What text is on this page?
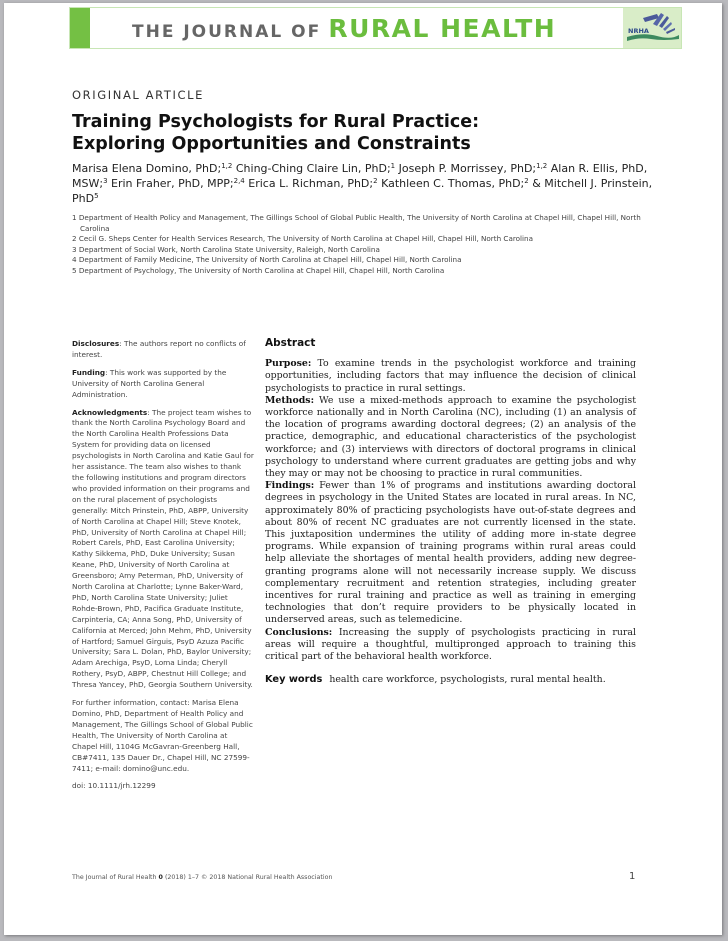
THE JOURNAL OF RURAL HEALTH	NRHA
ORIGINAL ARTICLE
Training Psychologists for Rural Practice: Exploring Opportunities and Constraints
Marisa Elena Domino, PhD;$^{1,2}$ Ching-Ching Claire Lin, PhD;$^1$ Joseph P. Morrissey, PhD;$^{1,2}$ Alan R. Ellis, PhD, MSW;$^3$ Erin Fraher, PhD, MPP;$^{2,4}$ Erica L. Richman, PhD;$^2$ Kathleen C. Thomas, PhD;$^2$ & Mitchell J. Prinstein, PhD$^5$
1 Department of Health Policy and Management, The Gillings School of Global Public Health, The University of North Carolina at Chapel Hill, Chapel Hill, North Carolina
2 Cecil G. Sheps Center for Health Services Research, The University of North Carolina at Chapel Hill, Chapel Hill, North Carolina
3 Department of Social Work, North Carolina State University, Raleigh, North Carolina
4 Department of Family Medicine, The University of North Carolina at Chapel Hill, Chapel Hill, North Carolina
5 Department of Psychology, The University of North Carolina at Chapel Hill, Chapel Hill, North Carolina

Disclosures: The authors report no conflicts of interest.

Funding: This work was supported by the University of North Carolina General Administration.

Acknowledgments: The project team wishes to thank the North Carolina Psychology Board and the North Carolina Health Professions Data System for providing data on licensed psychologists in North Carolina and Katie Gaul for her assistance. The team also wishes to thank the following institutions and program directors who provided information on their programs and on the rural placement of psychologists generally: Mitch Prinstein, PhD, ABPP, University of North Carolina at Chapel Hill; Steve Knotek, PhD, University of North Carolina at Chapel Hill; Robert Carels, PhD, East Carolina University; Kathy Sikkema, PhD, Duke University; Susan Keane, PhD, University of North Carolina at Greensboro; Amy Peterman, PhD, University of North Carolina at Charlotte; Lynne Baker-Ward, PhD, North Carolina State University; Juliet Rohde-Brown, PhD, Pacifica Graduate Institute, Carpinteria, CA; Anna Song, PhD, University of California at Merced; John Mehm, PhD, University of Hartford; Samuel Girguis, PsyD Azuza Pacific University; Sara L. Dolan, PhD, Baylor University; Adam Arechiga, PsyD, Loma Linda; Cheryll Rothery, PsyD, ABPP, Chestnut Hill College; and Thresa Yancey, PhD, Georgia Southern University.

For further information, contact: Marisa Elena Domino, PhD, Department of Health Policy and Management, The Gillings School of Global Public Health, The University of North Carolina at Chapel Hill, 1104G McGavran-Greenberg Hall, CB#7411, 135 Dauer Dr., Chapel Hill, NC 27599-7411; e-mail: domino@unc.edu.

doi: 10.1111/jrh.12299

Abstract

Purpose: To examine trends in the psychologist workforce and training opportunities, including factors that may influence the decision of clinical psychologists to practice in rural settings.

Methods: We use a mixed-methods approach to examine the psychologist workforce nationally and in North Carolina (NC), including (1) an analysis of the location of programs awarding doctoral degrees; (2) an analysis of the practice, demographic, and educational characteristics of the psychologist workforce; and (3) interviews with directors of doctoral programs in clinical psychology to understand where current graduates are getting jobs and why they may or may not be choosing to practice in rural communities.

Findings: Fewer than 1% of programs and institutions awarding doctoral degrees in psychology in the United States are located in rural areas. In NC, approximately 80% of practicing psychologists have out-of-state degrees and about 80% of recent NC graduates are not currently licensed in the state. This juxtaposition undermines the utility of adding more in-state degree programs. While expansion of training programs within rural areas could help alleviate the shortages of mental health providers, adding new degree-granting programs alone will not necessarily increase supply. We discuss complementary recruitment and retention strategies, including greater incentives for rural training and practice as well as training in emerging technologies that don’t require providers to be physically located in underserved areas, such as telemedicine.

Conclusions: Increasing the supply of psychologists practicing in rural areas will require a thoughtful, multipronged approach to training this critical part of the behavioral health workforce.

Key words health care workforce, psychologists, rural mental health.
The Journal of Rural Health 0 (2018) 1–7 © 2018 National Rural Health Association	1
